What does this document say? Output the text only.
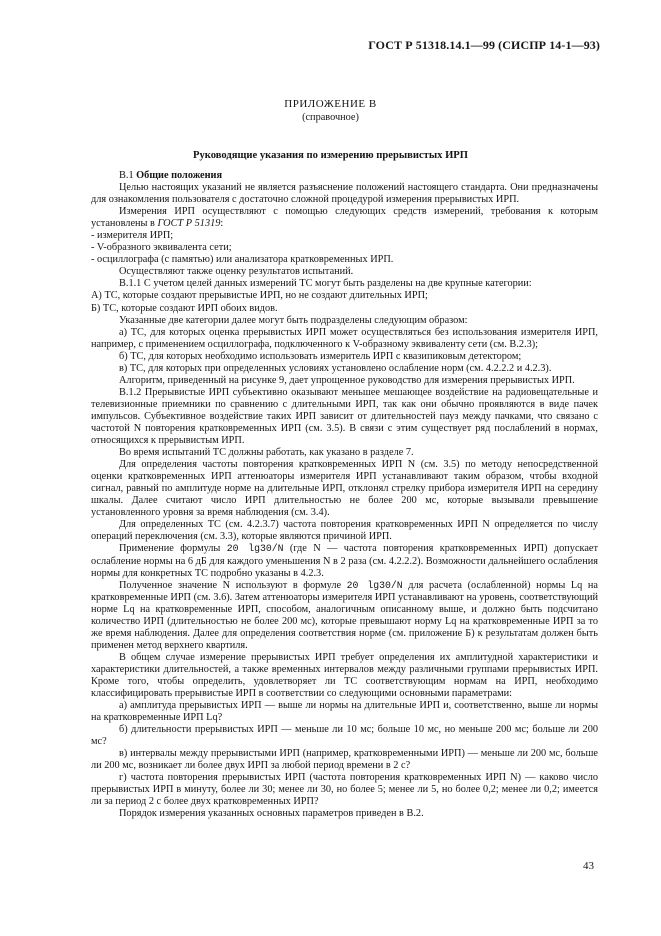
ГОСТ Р 51318.14.1—99 (СИСПР 14-1—93)
ПРИЛОЖЕНИЕ В
(справочное)
Руководящие указания по измерению прерывистых ИРП

В.1 Общие положения

Целью настоящих указаний не является разъяснение положений настоящего стандарта. Они предназначены для ознакомления пользователя с достаточно сложной процедурой измерения прерывистых ИРП.

Измерения ИРП осуществляют с помощью следующих средств измерений, требования к которым установлены в ГОСТ Р 51319:

- измерителя ИРП;

- V-образного эквивалента сети;

- осциллографа (с памятью) или анализатора кратковременных ИРП.

Осуществляют также оценку результатов испытаний.

В.1.1 С учетом целей данных измерений ТС могут быть разделены на две крупные категории:

А) ТС, которые создают прерывистые ИРП, но не создают длительных ИРП;

Б) ТС, которые создают ИРП обоих видов.

Указанные две категории далее могут быть подразделены следующим образом:

а) ТС, для которых оценка прерывистых ИРП может осуществляться без использования измерителя ИРП, например, с применением осциллографа, подключенного к V-образному эквиваленту сети (см. В.2.3);

б) ТС, для которых необходимо использовать измеритель ИРП с квазипиковым детектором;

в) ТС, для которых при определенных условиях установлено ослабление норм (см. 4.2.2.2 и 4.2.3).

Алгоритм, приведенный на рисунке 9, дает упрощенное руководство для измерения прерывистых ИРП.

В.1.2 Прерывистые ИРП субъективно оказывают меньшее мешающее воздействие на радиовещательные и телевизионные приемники по сравнению с длительными ИРП, так как они обычно проявляются в виде пачек импульсов. Субъективное воздействие таких ИРП зависит от длительностей пауз между пачками, что связано с частотой N повторения кратковременных ИРП (см. 3.5). В связи с этим существует ряд послаблений в нормах, относящихся к прерывистым ИРП.

Во время испытаний ТС должны работать, как указано в разделе 7.

Для определения частоты повторения кратковременных ИРП N (см. 3.5) по методу непосредственной оценки кратковременных ИРП аттенюаторы измерителя ИРП устанавливают таким образом, чтобы входной сигнал, равный по амплитуде норме на длительные ИРП, отклонял стрелку прибора измерителя ИРП на середину шкалы. Далее считают число ИРП длительностью не более 200 мс, которые вызывали превышение установленного уровня за время наблюдения (см. 3.4).

Для определенных ТС (см. 4.2.3.7) частота повторения кратковременных ИРП N определяется по числу операций переключения (см. 3.3), которые являются причиной ИРП.

Применение формулы 20 lg30/N (где N — частота повторения кратковременных ИРП) допускает ослабление нормы на 6 дБ для каждого уменьшения N в 2 раза (см. 4.2.2.2). Возможности дальнейшего ослабления нормы для конкретных ТС подробно указаны в 4.2.3.

Полученное значение N используют в формуле 20 lg30/N для расчета (ослабленной) нормы Lq на кратковременные ИРП (см. 3.6). Затем аттенюаторы измерителя ИРП устанавливают на уровень, соответствующий норме Lq на кратковременные ИРП, способом, аналогичным описанному выше, и должно быть подсчитано количество ИРП (длительностью не более 200 мс), которые превышают норму Lq на кратковременные ИРП за то же время наблюдения. Далее для определения соответствия норме (см. приложение Б) к результатам должен быть применен метод верхнего квартиля.

В общем случае измерение прерывистых ИРП требует определения их амплитудной характеристики и характеристики длительностей, а также временных интервалов между различными группами прерывистых ИРП. Кроме того, чтобы определить, удовлетворяет ли ТС соответствующим нормам на ИРП, необходимо классифицировать прерывистые ИРП в соответствии со следующими основными параметрами:

а) амплитуда прерывистых ИРП — выше ли нормы на длительные ИРП и, соответственно, выше ли нормы на кратковременные ИРП Lq?

б) длительности прерывистых ИРП — меньше ли 10 мс; больше 10 мс, но меньше 200 мс; больше ли 200 мс?

в) интервалы между прерывистыми ИРП (например, кратковременными ИРП) — меньше ли 200 мс, больше ли 200 мс, возникает ли более двух ИРП за любой период времени в 2 с?

г) частота повторения прерывистых ИРП (частота повторения кратковременных ИРП N) — каково число прерывистых ИРП в минуту, более ли 30; менее ли 30, но более 5; менее ли 5, но более 0,2; менее ли 0,2; имеется ли за период 2 с более двух кратковременных ИРП?

Порядок измерения указанных основных параметров приведен в В.2.

43
